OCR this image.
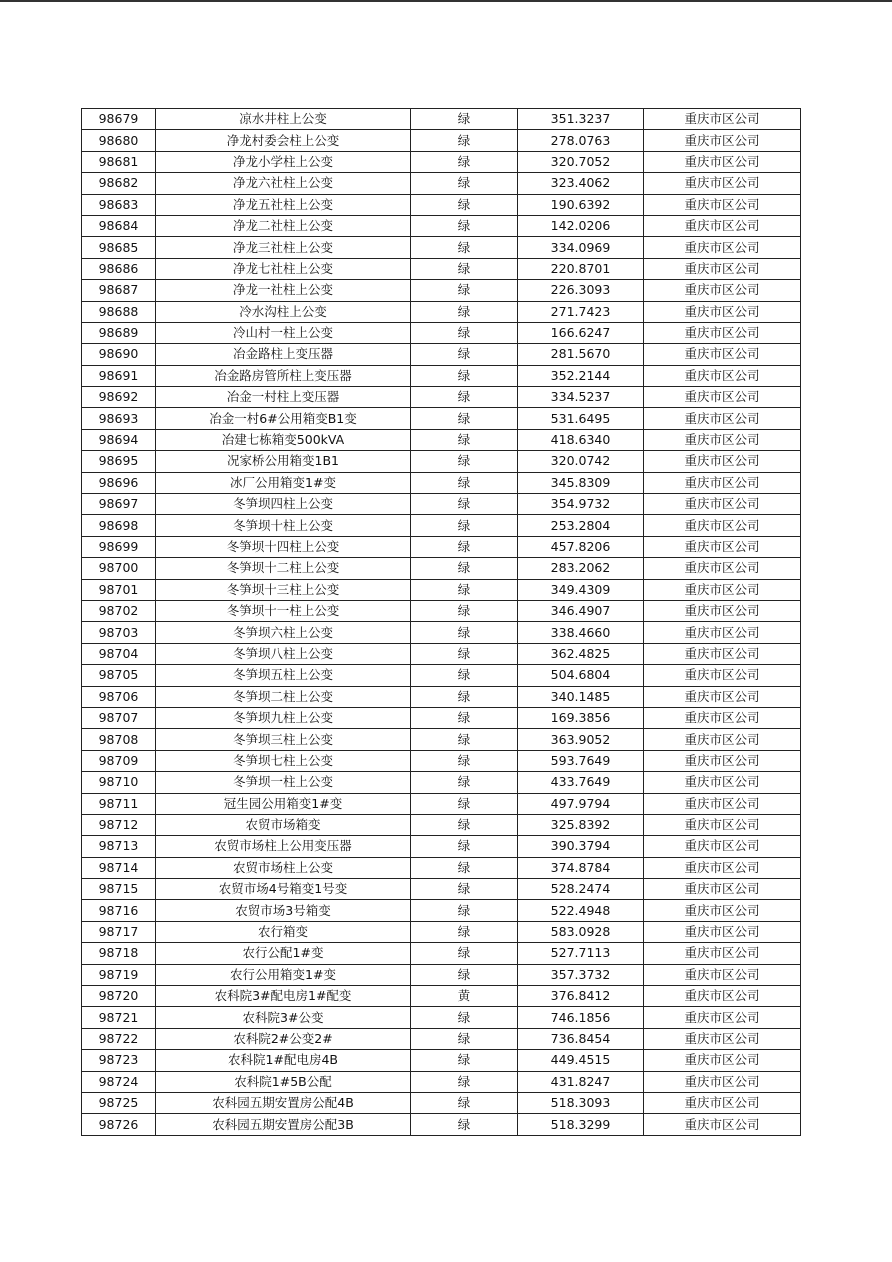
98679	凉水井柱上公变	绿	351.3237	重庆市区公司
98680	净龙村委会柱上公变	绿	278.0763	重庆市区公司
98681	净龙小学柱上公变	绿	320.7052	重庆市区公司
98682	净龙六社柱上公变	绿	323.4062	重庆市区公司
98683	净龙五社柱上公变	绿	190.6392	重庆市区公司
98684	净龙二社柱上公变	绿	142.0206	重庆市区公司
98685	净龙三社柱上公变	绿	334.0969	重庆市区公司
98686	净龙七社柱上公变	绿	220.8701	重庆市区公司
98687	净龙一社柱上公变	绿	226.3093	重庆市区公司
98688	冷水沟柱上公变	绿	271.7423	重庆市区公司
98689	冷山村一柱上公变	绿	166.6247	重庆市区公司
98690	冶金路柱上变压器	绿	281.5670	重庆市区公司
98691	冶金路房管所柱上变压器	绿	352.2144	重庆市区公司
98692	冶金一村柱上变压器	绿	334.5237	重庆市区公司
98693	冶金一村6#公用箱变B1变	绿	531.6495	重庆市区公司
98694	冶建七栋箱变500kVA	绿	418.6340	重庆市区公司
98695	况家桥公用箱变1B1	绿	320.0742	重庆市区公司
98696	冰厂公用箱变1#变	绿	345.8309	重庆市区公司
98697	冬笋坝四柱上公变	绿	354.9732	重庆市区公司
98698	冬笋坝十柱上公变	绿	253.2804	重庆市区公司
98699	冬笋坝十四柱上公变	绿	457.8206	重庆市区公司
98700	冬笋坝十二柱上公变	绿	283.2062	重庆市区公司
98701	冬笋坝十三柱上公变	绿	349.4309	重庆市区公司
98702	冬笋坝十一柱上公变	绿	346.4907	重庆市区公司
98703	冬笋坝六柱上公变	绿	338.4660	重庆市区公司
98704	冬笋坝八柱上公变	绿	362.4825	重庆市区公司
98705	冬笋坝五柱上公变	绿	504.6804	重庆市区公司
98706	冬笋坝二柱上公变	绿	340.1485	重庆市区公司
98707	冬笋坝九柱上公变	绿	169.3856	重庆市区公司
98708	冬笋坝三柱上公变	绿	363.9052	重庆市区公司
98709	冬笋坝七柱上公变	绿	593.7649	重庆市区公司
98710	冬笋坝一柱上公变	绿	433.7649	重庆市区公司
98711	冠生园公用箱变1#变	绿	497.9794	重庆市区公司
98712	农贸市场箱变	绿	325.8392	重庆市区公司
98713	农贸市场柱上公用变压器	绿	390.3794	重庆市区公司
98714	农贸市场柱上公变	绿	374.8784	重庆市区公司
98715	农贸市场4号箱变1号变	绿	528.2474	重庆市区公司
98716	农贸市场3号箱变	绿	522.4948	重庆市区公司
98717	农行箱变	绿	583.0928	重庆市区公司
98718	农行公配1#变	绿	527.7113	重庆市区公司
98719	农行公用箱变1#变	绿	357.3732	重庆市区公司
98720	农科院3#配电房1#配变	黄	376.8412	重庆市区公司
98721	农科院3#公变	绿	746.1856	重庆市区公司
98722	农科院2#公变2#	绿	736.8454	重庆市区公司
98723	农科院1#配电房4B	绿	449.4515	重庆市区公司
98724	农科院1#5B公配	绿	431.8247	重庆市区公司
98725	农科园五期安置房公配4B	绿	518.3093	重庆市区公司
98726	农科园五期安置房公配3B	绿	518.3299	重庆市区公司
